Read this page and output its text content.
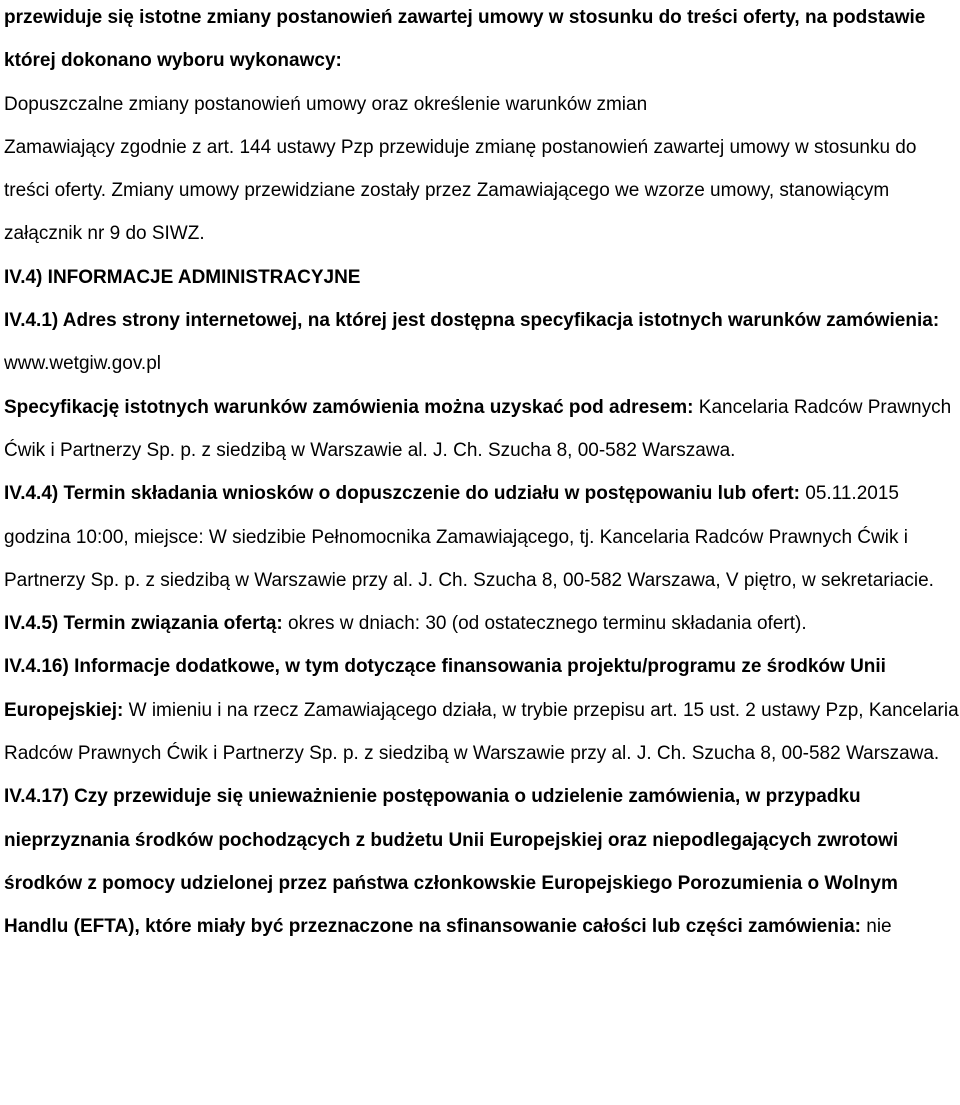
przewiduje się istotne zmiany postanowień zawartej umowy w stosunku do treści oferty, na podstawie której dokonano wyboru wykonawcy:

Dopuszczalne zmiany postanowień umowy oraz określenie warunków zmian

Zamawiający zgodnie z art. 144 ustawy Pzp przewiduje zmianę postanowień zawartej umowy w stosunku do treści oferty. Zmiany umowy przewidziane zostały przez Zamawiającego we wzorze umowy, stanowiącym załącznik nr 9 do SIWZ.

IV.4) INFORMACJE ADMINISTRACYJNE

IV.4.1) Adres strony internetowej, na której jest dostępna specyfikacja istotnych warunków zamówienia: www.wetgiw.gov.pl

Specyfikację istotnych warunków zamówienia można uzyskać pod adresem: Kancelaria Radców Prawnych Ćwik i Partnerzy Sp. p. z siedzibą w Warszawie al. J. Ch. Szucha 8, 00-582 Warszawa.

IV.4.4) Termin składania wniosków o dopuszczenie do udziału w postępowaniu lub ofert: 05.11.2015 godzina 10:00, miejsce: W siedzibie Pełnomocnika Zamawiającego, tj. Kancelaria Radców Prawnych Ćwik i Partnerzy Sp. p. z siedzibą w Warszawie przy al. J. Ch. Szucha 8, 00-582 Warszawa, V piętro, w sekretariacie.

IV.4.5) Termin związania ofertą: okres w dniach: 30 (od ostatecznego terminu składania ofert).

IV.4.16) Informacje dodatkowe, w tym dotyczące finansowania projektu/programu ze środków Unii Europejskiej: W imieniu i na rzecz Zamawiającego działa, w trybie przepisu art. 15 ust. 2 ustawy Pzp, Kancelaria Radców Prawnych Ćwik i Partnerzy Sp. p. z siedzibą w Warszawie przy al. J. Ch. Szucha 8, 00-582 Warszawa.

IV.4.17) Czy przewiduje się unieważnienie postępowania o udzielenie zamówienia, w przypadku nieprzyznania środków pochodzących z budżetu Unii Europejskiej oraz niepodlegających zwrotowi środków z pomocy udzielonej przez państwa członkowskie Europejskiego Porozumienia o Wolnym Handlu (EFTA), które miały być przeznaczone na sfinansowanie całości lub części zamówienia: nie
